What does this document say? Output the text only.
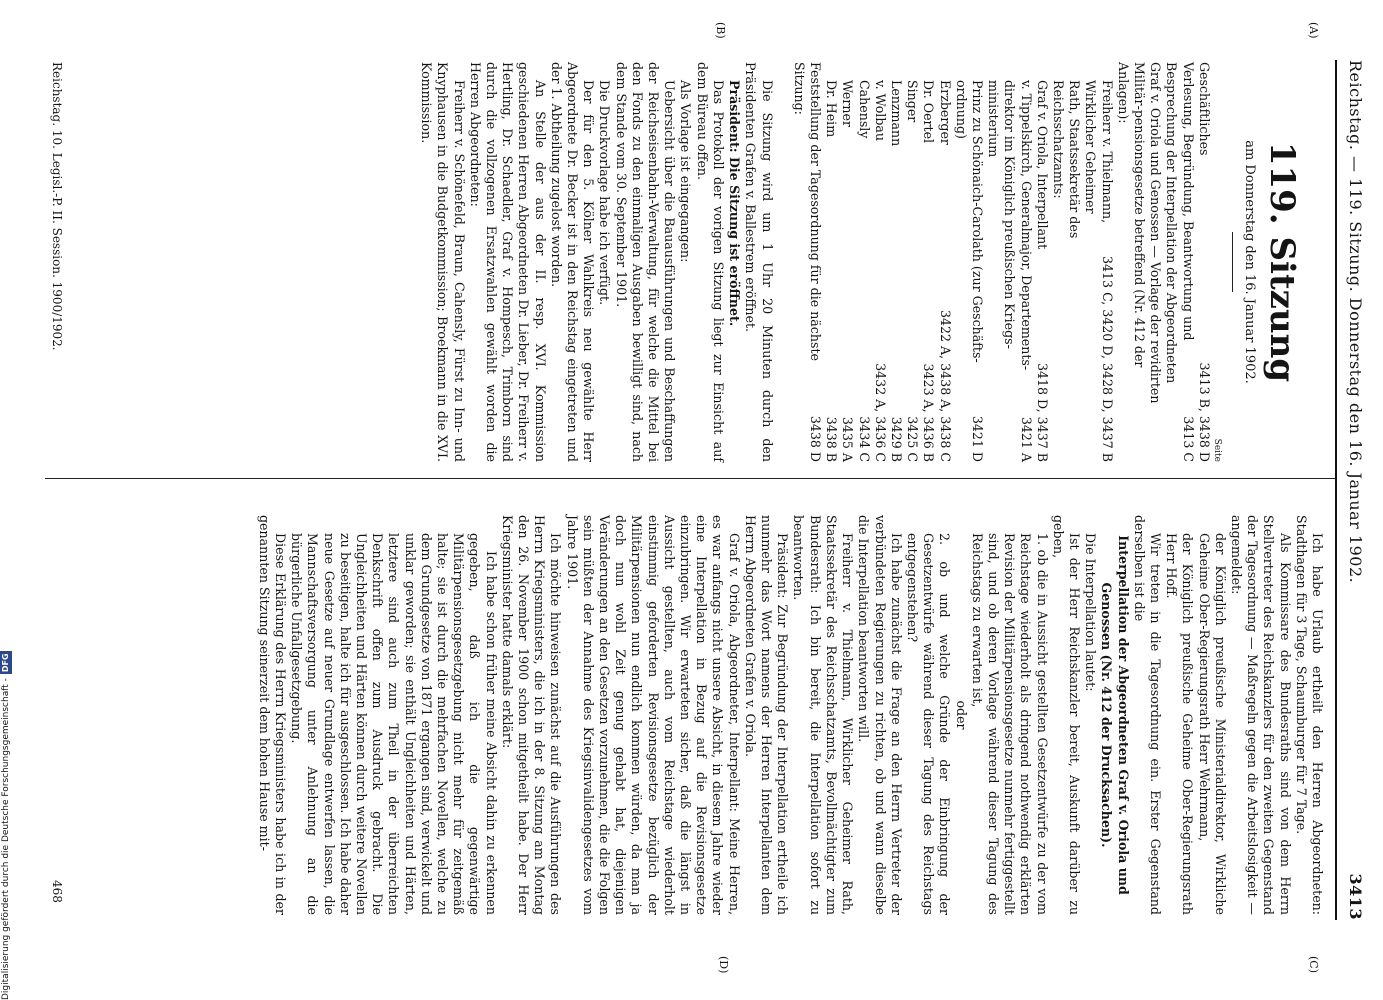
Reichstag. — 119. Sitzung. Donnerstag den 16. Januar 1902.
3413
(A)
(B)
(C)
(D)
119. Sitzung
am Donnerstag den 16. Januar 1902.
Seite
Geschäftliches
3413 B, 3438 D
Verlesung, Begründung, Beantwortung und Besprechung der Interpellation der Abgeordneten Graf v. Oriola und Genossen — Vorlage der revidirten Militär-pensionsgesetze betreffend (Nr. 412 der Anlagen):
3413 C
Freiherr v. Thielmann, Wirklicher Geheimer Rath, Staatssekretär des Reichsschatzamts:
3413 C, 3420 D, 3428 D, 3437 B
Graf v. Oriola, Interpellant
3418 D, 3437 B
v. Tippelskirch, Generalmajor, Departements-direktor im Königlich preußischen Kriegs-ministerium
3421 A
Prinz zu Schönaich-Carolath (zur Geschäfts-ordnung)
3421 D
Erzberger
3422 A, 3438 A, 3438 C
Dr. Oertel
3423 A, 3436 B
Singer
3425 C
Lenzmann
3429 B
v. Wolbau
3432 A, 3436 C
Cahensly
3434 C
Werner
3435 A
Dr. Heim
3438 B
Feststellung der Tagesordnung für die nächste Sitzung:
3438 D

Die Sitzung wird um 1 Uhr 20 Minuten durch den Präsidenten Grafen v. Ballestrem eröffnet.

Präsident: Die Sitzung ist eröffnet.

Das Protokoll der vorigen Sitzung liegt zur Einsicht auf dem Büreau offen.

Als Vorlage ist eingegangen:

Uebersicht über die Bauausführungen und Beschaffungen der Reichseisenbahn-Verwaltung, für welche die Mittel bei den Fonds zu den einmaligen Ausgaben bewilligt sind, nach dem Stande vom 30. September 1901.

Die Druckvorlage habe ich verfügt.

Der für den 5. Kölner Wahlkreis neu gewählte Herr Abgeordnete Dr. Becker ist in den Reichstag eingetreten und der 1. Abtheilung zugelost worden.

An Stelle der aus der II. resp. XVI. Kommission geschiedenen Herren Abgeordneten Dr. Lieber, Dr. Freiherr v. Hertling, Dr. Schaedler, Graf v. Hompesch, Trimborn sind durch die vollzogenen Ersatzwahlen gewählt worden die Herren Abgeordneten:

Freiherr v. Schönefeld, Braun, Cahensly, Fürst zu Inn- und Knyphausen in die Budgetkommission; Broekmann in die XVI. Kommission.

Ich habe Urlaub ertheilt den Herren Abgeordneten: Stadthagen für 3 Tage, Schaumburger für 7 Tage.

Als Kommissare des Bundesraths sind von dem Herrn Stellvertreter des Reichskanzlers für den zweiten Gegenstand der Tagesordnung — Maßregeln gegen die Arbeitslosigkeit — angemeldet:

der Königlich preußische Ministerialdirektor, Wirkliche Geheime Ober-Regierungsrath Herr Wehrmann,

der Königlich preußische Geheime Ober-Regierungsrath Herr Hoff.

Wir treten in die Tagesordnung ein. Erster Gegenstand derselben ist die

Interpellation der Abgeordneten Graf v. Oriola und Genossen (Nr. 412 der Drucksachen).

Die Interpellation lautet:

Ist der Herr Reichskanzler bereit, Auskunft darüber zu geben,

1. ob die in Aussicht gestellten Gesetzentwürfe zu der vom Reichstage wiederholt als dringend nothwendig erklärten Revision der Militärpensionsgesetze nunmehr fertiggestellt sind, und ob deren Vorlage während dieser Tagung des Reichstags zu erwarten ist,

oder

2. ob und welche Gründe der Einbringung der Gesetzentwürfe während dieser Tagung des Reichstags entgegenstehen?

Ich habe zunächst die Frage an den Herrn Vertreter der verbündeten Regierungen zu richten, ob und wann dieselbe die Interpellation beantworten will.

Freiherr v. Thielmann, Wirklicher Geheimer Rath, Staatssekretär des Reichsschatzamts, Bevollmächtigter zum Bundesrath: Ich bin bereit, die Interpellation sofort zu beantworten.

Präsident: Zur Begründung der Interpellation ertheile ich nunmehr das Wort namens der Herren Interpellanten dem Herrn Abgeordneten Grafen v. Oriola.

Graf v. Oriola, Abgeordneter, Interpellant: Meine Herren, es war anfangs nicht unsere Absicht, in diesem Jahre wieder eine Interpellation in Bezug auf die Revisionsgesetze einzubringen. Wir erwarteten sicher, daß die längst in Aussicht gestellten, auch vom Reichstage wiederholt einstimmig geforderten Revisionsgesetze bezüglich der Militärpensionen nun endlich kommen würden, da man ja doch nun wohl Zeit genug gehabt hat, diejenigen Veränderungen an den Gesetzen vorzunehmen, die die Folgen sein müßten der Annahme des Kriegsinvalidengesetzes vom Jahre 1901.

Ich möchte hinweisen zunächst auf die Ausführungen des Herrn Kriegsministers, die ich in der 8. Sitzung am Montag den 26. November 1900 schon mitgetheilt habe. Der Herr Kriegsminister hatte damals erklärt:

Ich habe schon früher meine Absicht dahin zu erkennen gegeben, daß ich die gegenwärtige Militärpensionsgesetzgebung nicht mehr für zeitgemäß halte; sie ist durch die mehrfachen Novellen, welche zu dem Grundgesetze von 1871 ergangen sind, verwickelt und unklar geworden; sie enthält Ungleichheiten und Härten, letztere sind auch zum Theil in der überreichten Denkschrift offen zum Ausdruck gebracht. Die Ungleichheiten und Härten können durch weitere Novellen zu beseitigen, halte ich für ausgeschlossen. Ich habe daher neue Gesetze auf neuer Grundlage entwerfen lassen, die Mannschaftsversorgung unter Anlehnung an die bürgerliche Unfallgesetzgebung.

Diese Erklärung des Herrn Kriegsministers habe ich in der genannten Sitzung seinerzeit dem hohen Hause mit-

Reichstag. 10. Legisl.-P. II. Session. 1900/1902.
468
Digitalisierung gefördert durch die Deutsche Forschungsgemeinschaft -DFG
